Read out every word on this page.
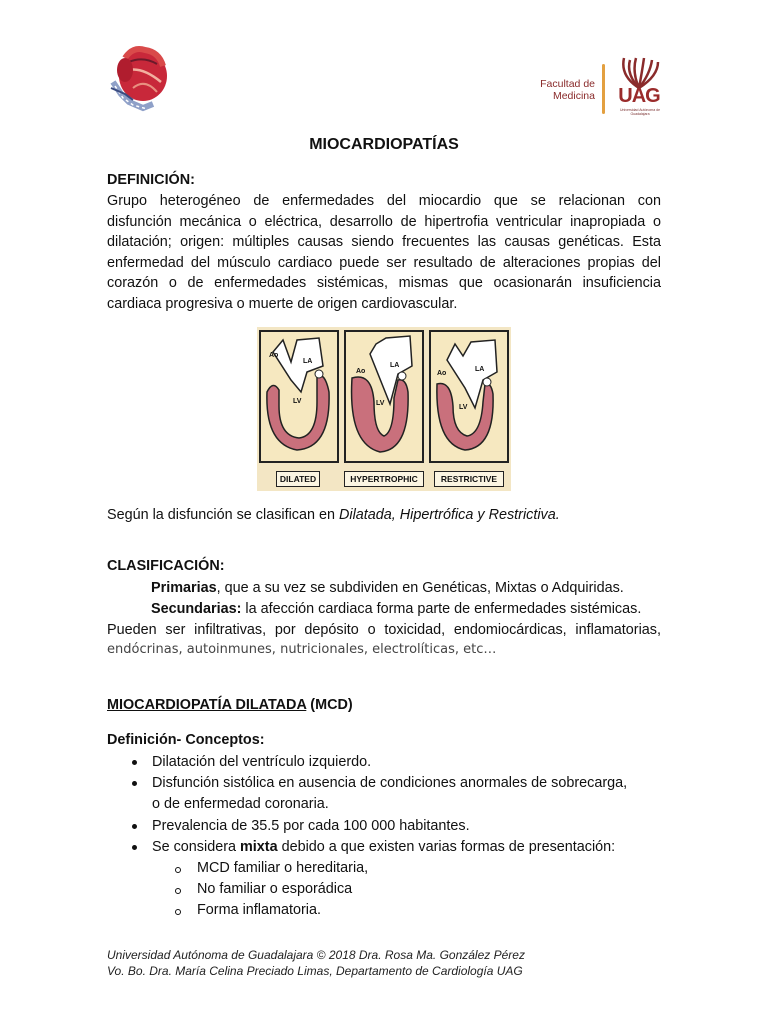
Facultad de
Medicina UAG
Universidad Autónoma de Guadalajara
MIOCARDIOPATÍAS
DEFINICIÓN:
Grupo heterogéneo de enfermedades del miocardio que se relacionan con
disfunción mecánica o eléctrica, desarrollo de hipertrofia ventricular inapropiada o
dilatación; origen: múltiples causas siendo frecuentes las causas genéticas. Esta
enfermedad del músculo cardiaco puede ser resultado de alteraciones propias del
corazón o de enfermedades sistémicas, mismas que ocasionarán insuficiencia
cardiaca progresiva o muerte de origen cardiovascular.
Ao
LA
LV
Ao
LA
LV
Ao
LA
LV
DILATED	HYPERTROPHIC	RESTRICTIVE
Según la disfunción se clasifican en Dilatada, Hipertrófica y Restrictiva.
CLASIFICACIÓN:
Primarias, que a su vez se subdividen en Genéticas, Mixtas o Adquiridas.
Secundarias: la afección cardiaca forma parte de enfermedades sistémicas.
Pueden ser infiltrativas, por depósito o toxicidad, endomiocárdicas, inflamatorias,
endócrinas, autoinmunes, nutricionales, electrolíticas, etc…
MIOCARDIOPATÍA DILATADA (MCD)
Definición- Conceptos:
Dilatación del ventrículo izquierdo.
Disfunción sistólica en ausencia de condiciones anormales de sobrecarga,
o de enfermedad coronaria.
Prevalencia de 35.5 por cada 100 000 habitantes.
Se considera mixta debido a que existen varias formas de presentación:
MCD familiar o hereditaria,
No familiar o esporádica
Forma inflamatoria.
Universidad Autónoma de Guadalajara © 2018 Dra. Rosa Ma. González Pérez
Vo. Bo. Dra. María Celina Preciado Limas, Departamento de Cardiología UAG
